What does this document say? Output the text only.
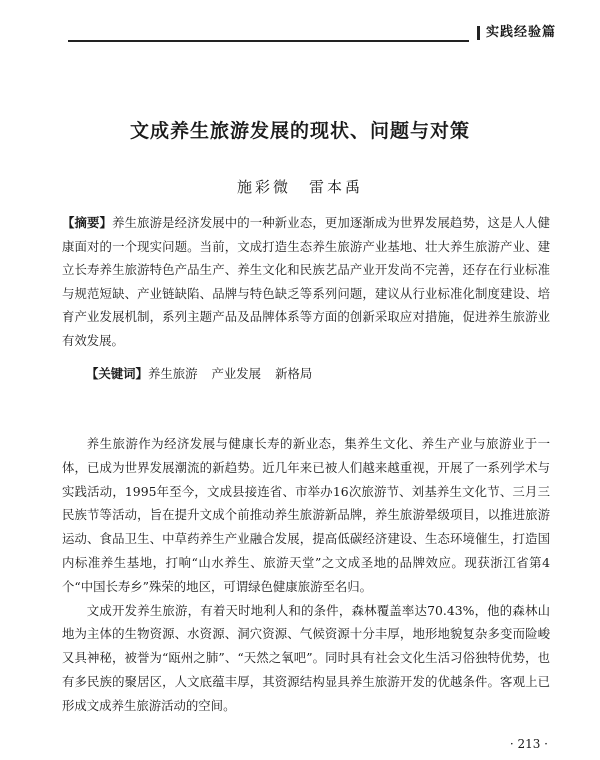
实践经验篇
文成养生旅游发展的现状、问题与对策
施彩微　雷本禹
【摘要】养生旅游是经济发展中的一种新业态，更加逐渐成为世界发展趋势，这是人人健康面对的一个现实问题。当前，文成打造生态养生旅游产业基地、壮大养生旅游产业、建立长寿养生旅游特色产品生产、养生文化和民族艺品产业开发尚不完善，还存在行业标准与规范短缺、产业链缺陷、品牌与特色缺乏等系列问题，建议从行业标准化制度建设、培育产业发展机制，系列主题产品及品牌体系等方面的创新采取应对措施，促进养生旅游业有效发展。
【关键词】养生旅游 产业发展 新格局

养生旅游作为经济发展与健康长寿的新业态，集养生文化、养生产业与旅游业于一体，已成为世界发展潮流的新趋势。近几年来已被人们越来越重视，开展了一系列学术与实践活动，1995年至今，文成县接连省、市举办16次旅游节、刘基养生文化节、三月三民族节等活动，旨在提升文成个前推动养生旅游新品牌，养生旅游晕级项目，以推进旅游运动、食品卫生、中草药养生产业融合发展，提高低碳经济建设、生态环境催生，打造国内标准养生基地，打响“山水养生、旅游天堂”之文成圣地的品牌效应。现获浙江省第4个“中国长寿乡”殊荣的地区，可谓绿色健康旅游至名归。

文成开发养生旅游，有着天时地利人和的条件，森林覆盖率达70.43%，他的森林山地为主体的生物资源、水资源、洞穴资源、气候资源十分丰厚，地形地貌复杂多变而险峻又具神秘，被誉为“瓯州之肺”、“天然之氧吧”。同时具有社会文化生活习俗独特优势，也有多民族的聚居区，人文底蕴丰厚，其资源结构显具养生旅游开发的优越条件。客观上已形成文成养生旅游活动的空间。

· 213 ·
